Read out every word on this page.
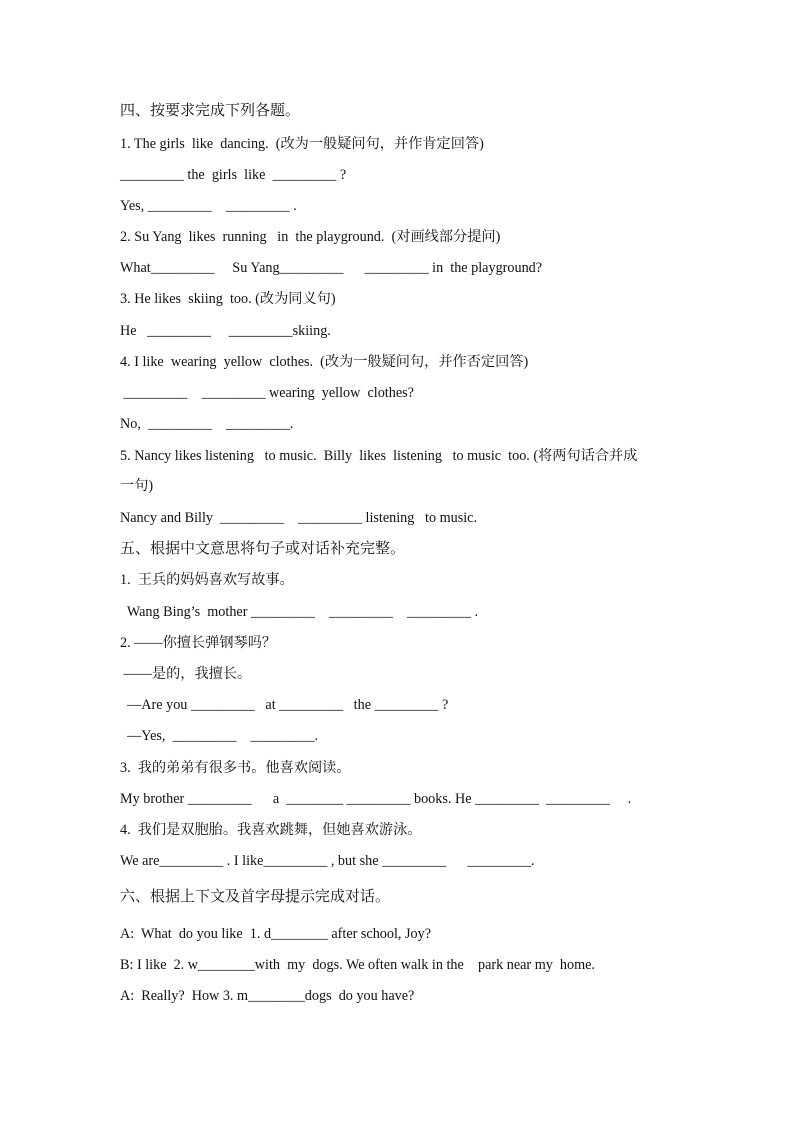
四、按要求完成下列各题。
1. The girls  like  dancing.  (改为一般疑问句，并作肯定回答)
_________ the  girls  like  _________ ?
Yes, _________    _________ .
2. Su Yang  likes  running   in  the playground.  (对画线部分提问)
What_________     Su Yang_________      _________ in  the playground?
3. He likes  skiing  too. (改为同义句)
He   _________     _________skiing.
4. I like  wearing  yellow  clothes.  (改为一般疑问句，并作否定回答)
_________    _________ wearing  yellow  clothes?
No,  _________    _________.
5. Nancy likes listening   to music.  Billy  likes  listening   to music  too. (将两句话合并成
一句)
Nancy and Billy  _________    _________ listening   to music.
五、根据中文意思将句子或对话补充完整。
1.  王兵的妈妈喜欢写故事。
Wang Bing’s  mother _________    _________    _________ .
2. ——你擅长弹钢琴吗？
——是的，我擅长。
—Are you _________   at _________   the _________ ?
—Yes,  _________    _________.
3.  我的弟弟有很多书。他喜欢阅读。
My brother _________      a  ________ _________ books. He _________  _________     .
4.  我们是双胞胎。我喜欢跳舞，但她喜欢游泳。
We are_________ . I like_________ , but she _________      _________.
六、根据上下文及首字母提示完成对话。
A:  What  do you like  1. d________ after school, Joy?
B: I like  2. w________with  my  dogs. We often walk in the    park near my  home.
A:  Really?  How 3. m________dogs  do you have?
